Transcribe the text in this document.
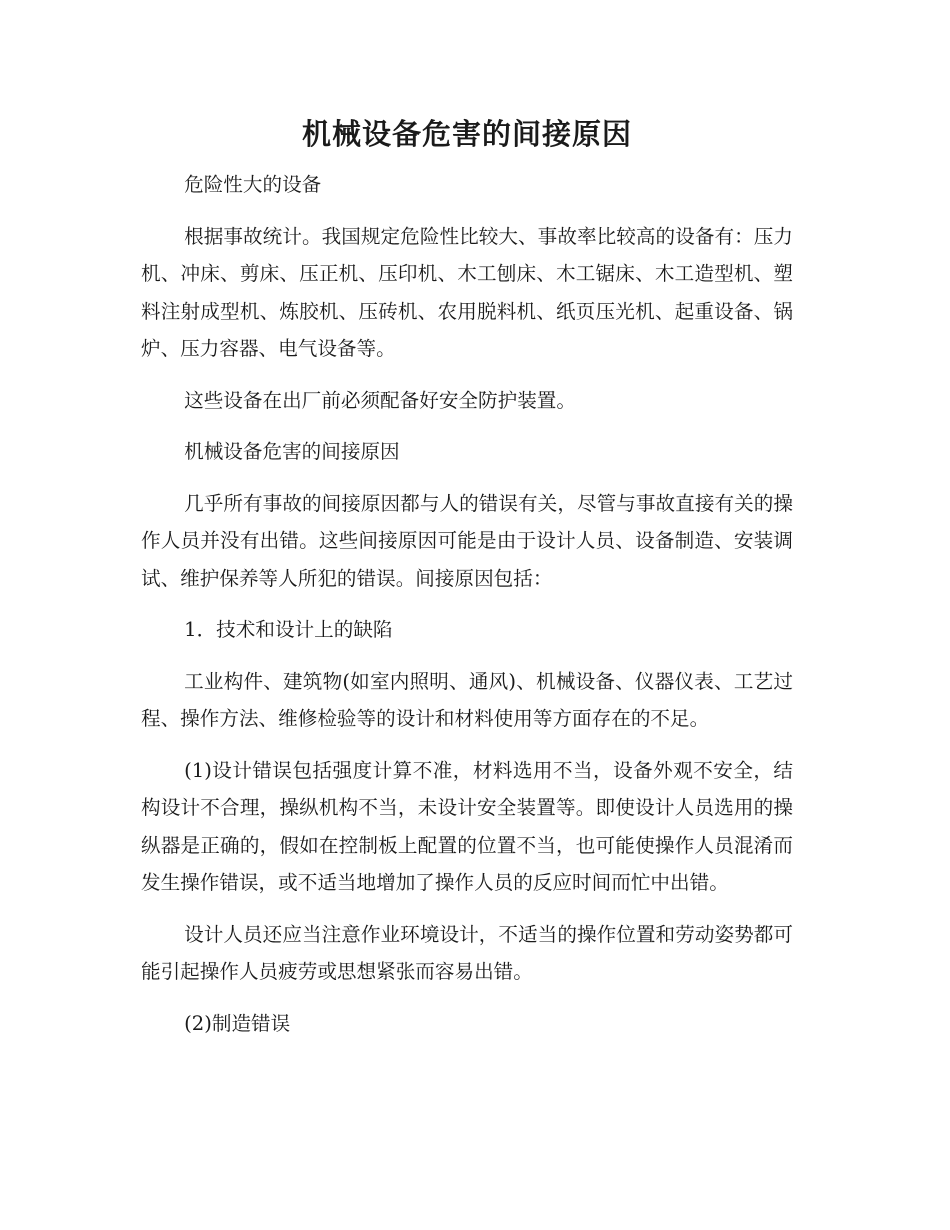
机械设备危害的间接原因

危险性大的设备

根据事故统计。我国规定危险性比较大、事故率比较高的设备有：压力机、冲床、剪床、压正机、压印机、木工刨床、木工锯床、木工造型机、塑料注射成型机、炼胶机、压砖机、农用脱料机、纸页压光机、起重设备、锅炉、压力容器、电气设备等。

这些设备在出厂前必须配备好安全防护装置。

机械设备危害的间接原因

几乎所有事故的间接原因都与人的错误有关，尽管与事故直接有关的操作人员并没有出错。这些间接原因可能是由于设计人员、设备制造、安装调试、维护保养等人所犯的错误。间接原因包括：

1．技术和设计上的缺陷

工业构件、建筑物(如室内照明、通风)、机械设备、仪器仪表、工艺过程、操作方法、维修检验等的设计和材料使用等方面存在的不足。

(1)设计错误包括强度计算不准，材料选用不当，设备外观不安全，结构设计不合理，操纵机构不当，未设计安全装置等。即使设计人员选用的操纵器是正确的，假如在控制板上配置的位置不当，也可能使操作人员混淆而发生操作错误，或不适当地增加了操作人员的反应时间而忙中出错。

设计人员还应当注意作业环境设计，不适当的操作位置和劳动姿势都可能引起操作人员疲劳或思想紧张而容易出错。

(2)制造错误
